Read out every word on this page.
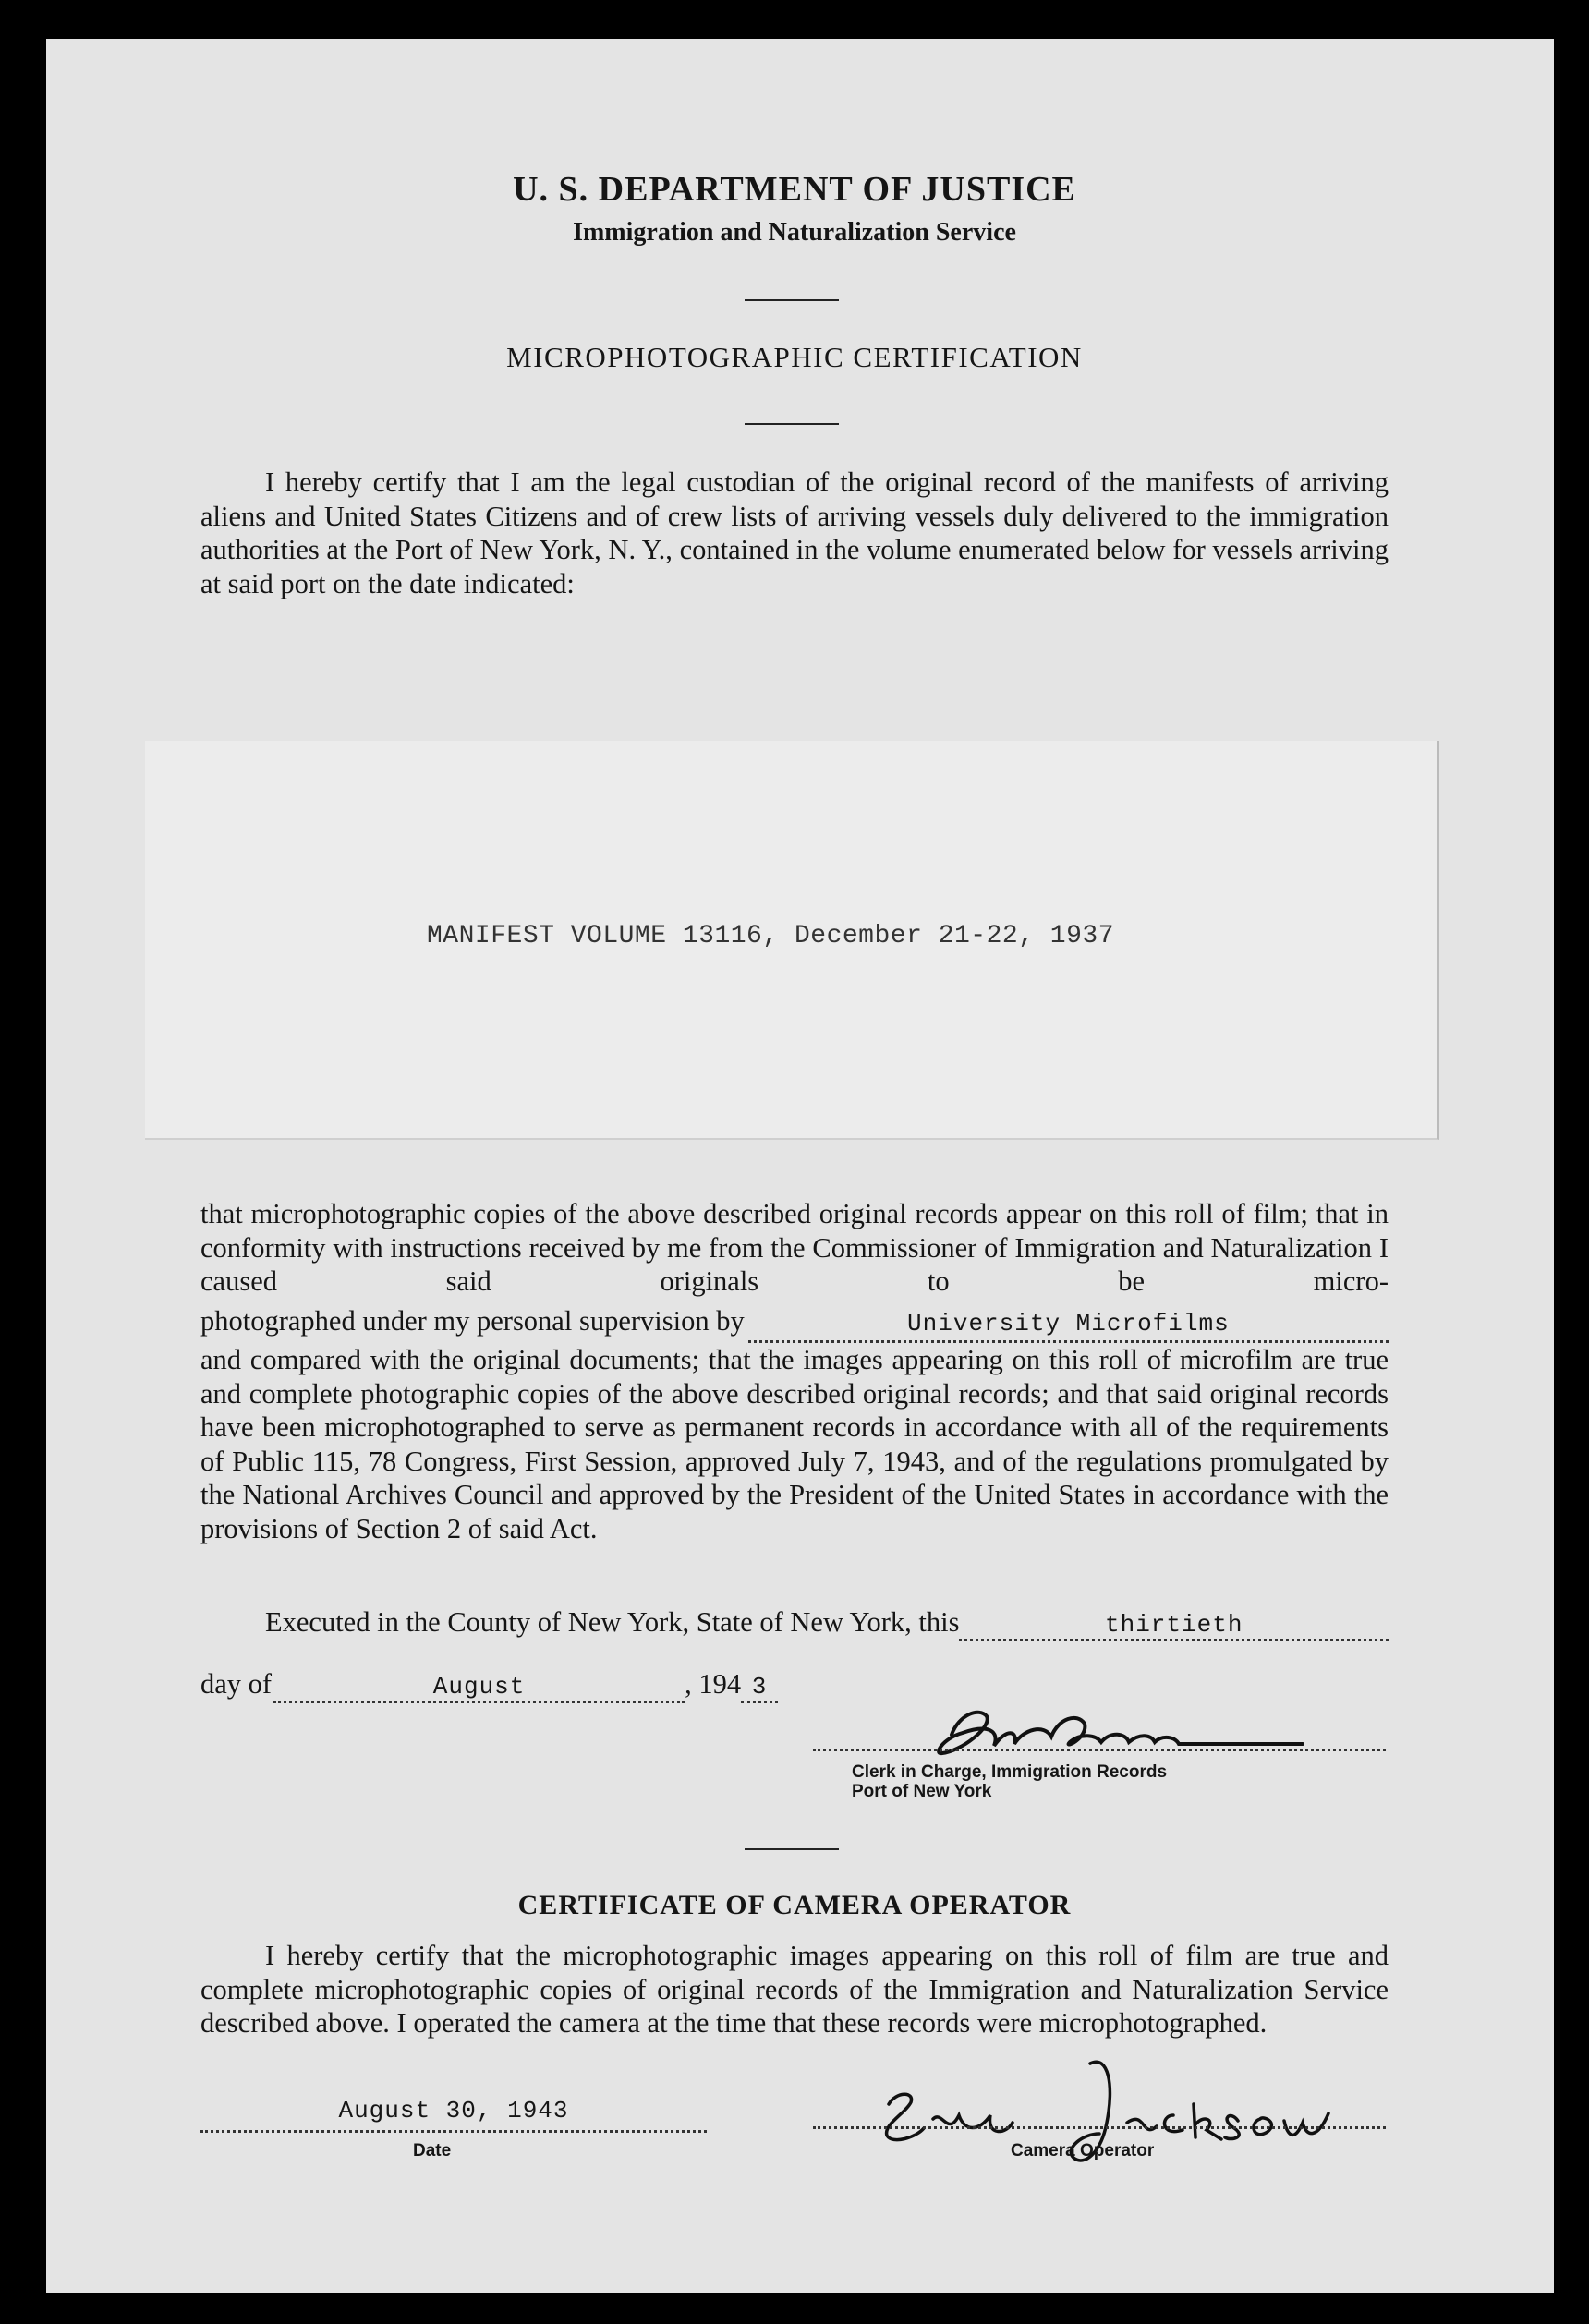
U. S. DEPARTMENT OF JUSTICE
Immigration and Naturalization Service
MICROPHOTOGRAPHIC CERTIFICATION

I hereby certify that I am the legal custodian of the original record of the manifests of arriving aliens and United States Citizens and of crew lists of arriving vessels duly delivered to the immigration authorities at the Port of New York, N. Y., contained in the volume enumerated below for vessels arriving at said port on the date indicated:

MANIFEST VOLUME 13116, December 21-22, 1937

that microphotographic copies of the above described original records appear on this roll of film; that in conformity with instructions received by me from the Commissioner of Immigration and Naturalization I caused said originals to be micro-

photographed under my personal supervision by	University Microfilms

and compared with the original documents; that the images appearing on this roll of microfilm are true and complete photographic copies of the above described original records; and that said original records have been microphotographed to serve as permanent records in accordance with all of the requirements of Public 115, 78 Congress, First Session, approved July 7, 1943, and of the regulations promulgated by the National Archives Council and approved by the President of the United States in accordance with the provisions of Section 2 of said Act.

Executed in the County of New York, State of New York, this	thirtieth
day of	August	, 194 3
Clerk in Charge, Immigration Records
Port of New York
CERTIFICATE OF CAMERA OPERATOR

I hereby certify that the microphotographic images appearing on this roll of film are true and complete microphotographic copies of original records of the Immigration and Naturalization Service described above. I operated the camera at the time that these records were microphotographed.

August 30, 1943
Date	Camera Operator
